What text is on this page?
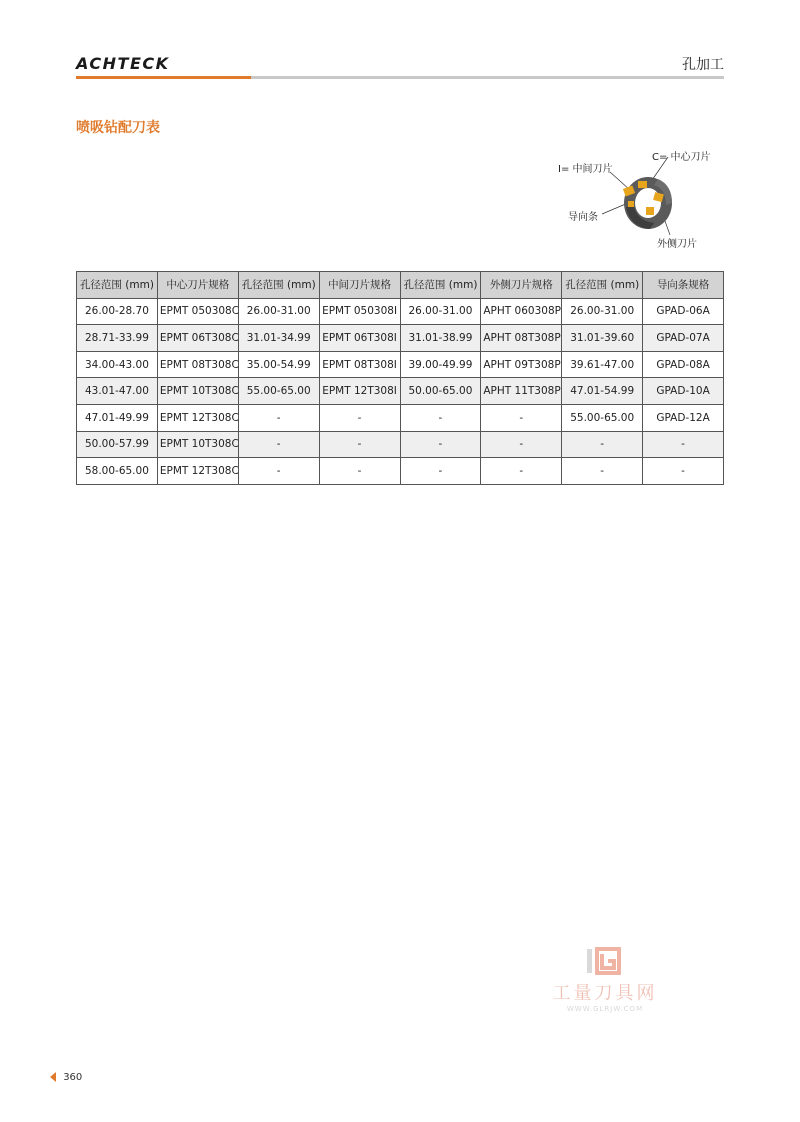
ACHTECK	孔加工
喷吸钻配刀表
C= 中心刀片
I= 中间刀片
导向条
外侧刀片
孔径范围 (mm)	中心刀片规格	孔径范围 (mm)	中间刀片规格	孔径范围 (mm)	外侧刀片规格	孔径范围 (mm)	导向条规格
26.00-28.70	EPMT 050308C	26.00-31.00	EPMT 050308I	26.00-31.00	APHT 060308P	26.00-31.00	GPAD-06A
28.71-33.99	EPMT 06T308C	31.01-34.99	EPMT 06T308I	31.01-38.99	APHT 08T308P	31.01-39.60	GPAD-07A
34.00-43.00	EPMT 08T308C	35.00-54.99	EPMT 08T308I	39.00-49.99	APHT 09T308P	39.61-47.00	GPAD-08A
43.01-47.00	EPMT 10T308C	55.00-65.00	EPMT 12T308I	50.00-65.00	APHT 11T308P	47.01-54.99	GPAD-10A
47.01-49.99	EPMT 12T308C	-	-	-	-	55.00-65.00	GPAD-12A
50.00-57.99	EPMT 10T308C	-	-	-	-	-	-
58.00-65.00	EPMT 12T308C	-	-	-	-	-	-
工量刀具网
WWW.GLRJW.COM
360
